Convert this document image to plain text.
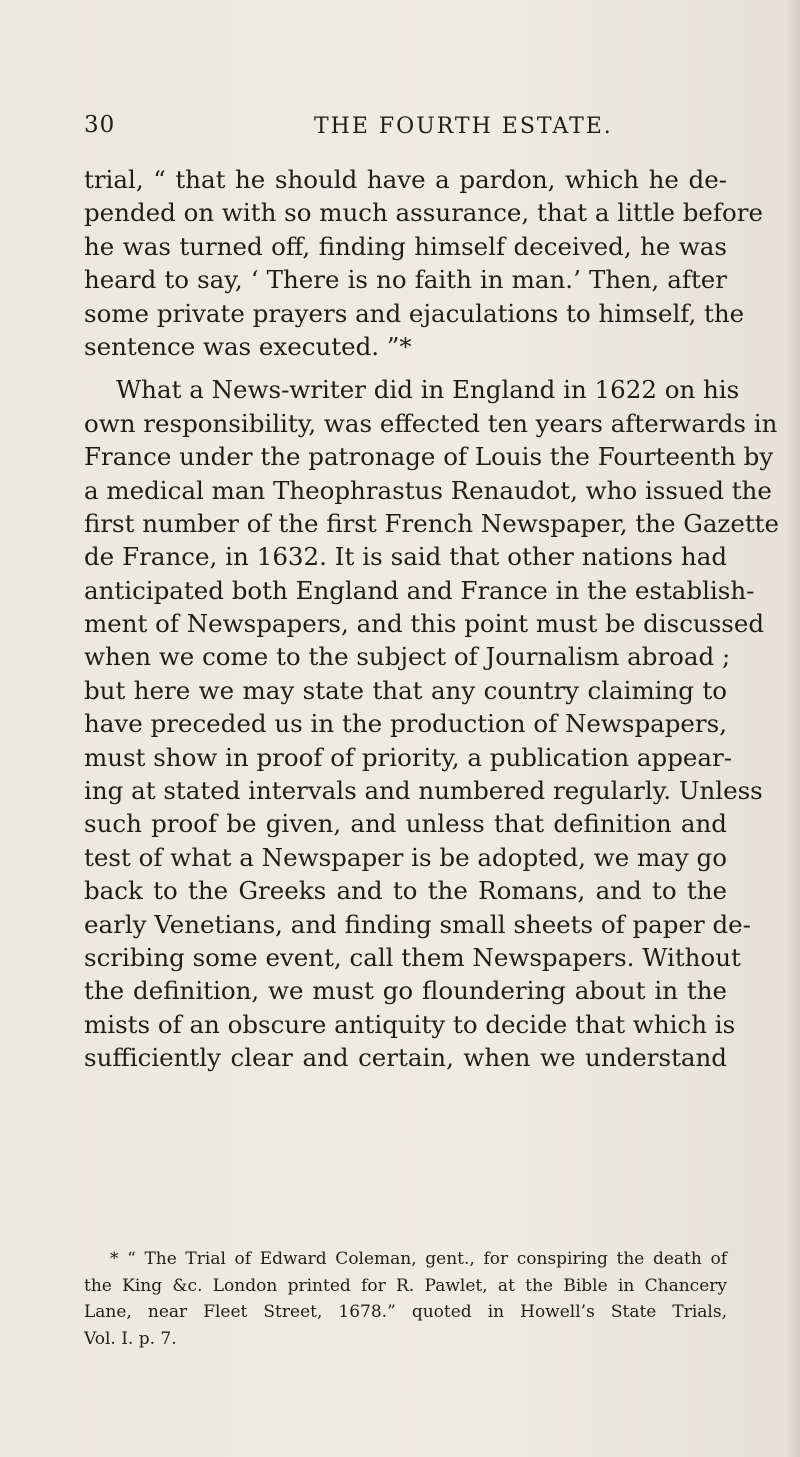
30	THE FOURTH ESTATE.
trial, “ that he should have a pardon, which he de-
pended on with so much assurance, that a little before
he was turned off, finding himself deceived, he was
heard to say, ‘ There is no faith in man.’ Then, after
some private prayers and ejaculations to himself, the
sentence was executed. ”*
What a News-writer did in England in 1622 on his
own responsibility, was effected ten years afterwards in
France under the patronage of Louis the Fourteenth by
a medical man Theophrastus Renaudot, who issued the
first number of the first French Newspaper, the Gazette
de France, in 1632. It is said that other nations had
anticipated both England and France in the establish-
ment of Newspapers, and this point must be discussed
when we come to the subject of Journalism abroad ;
but here we may state that any country claiming to
have preceded us in the production of Newspapers,
must show in proof of priority, a publication appear-
ing at stated intervals and numbered regularly. Unless
such proof be given, and unless that definition and
test of what a Newspaper is be adopted, we may go
back to the Greeks and to the Romans, and to the
early Venetians, and finding small sheets of paper de-
scribing some event, call them Newspapers. Without
the definition, we must go floundering about in the
mists of an obscure antiquity to decide that which is
sufficiently clear and certain, when we understand
* “ The Trial of Edward Coleman, gent., for conspiring the death of
the King &c. London printed for R. Pawlet, at the Bible in Chancery
Lane, near Fleet Street, 1678.” quoted in Howell’s State Trials,
Vol. I. p. 7.
